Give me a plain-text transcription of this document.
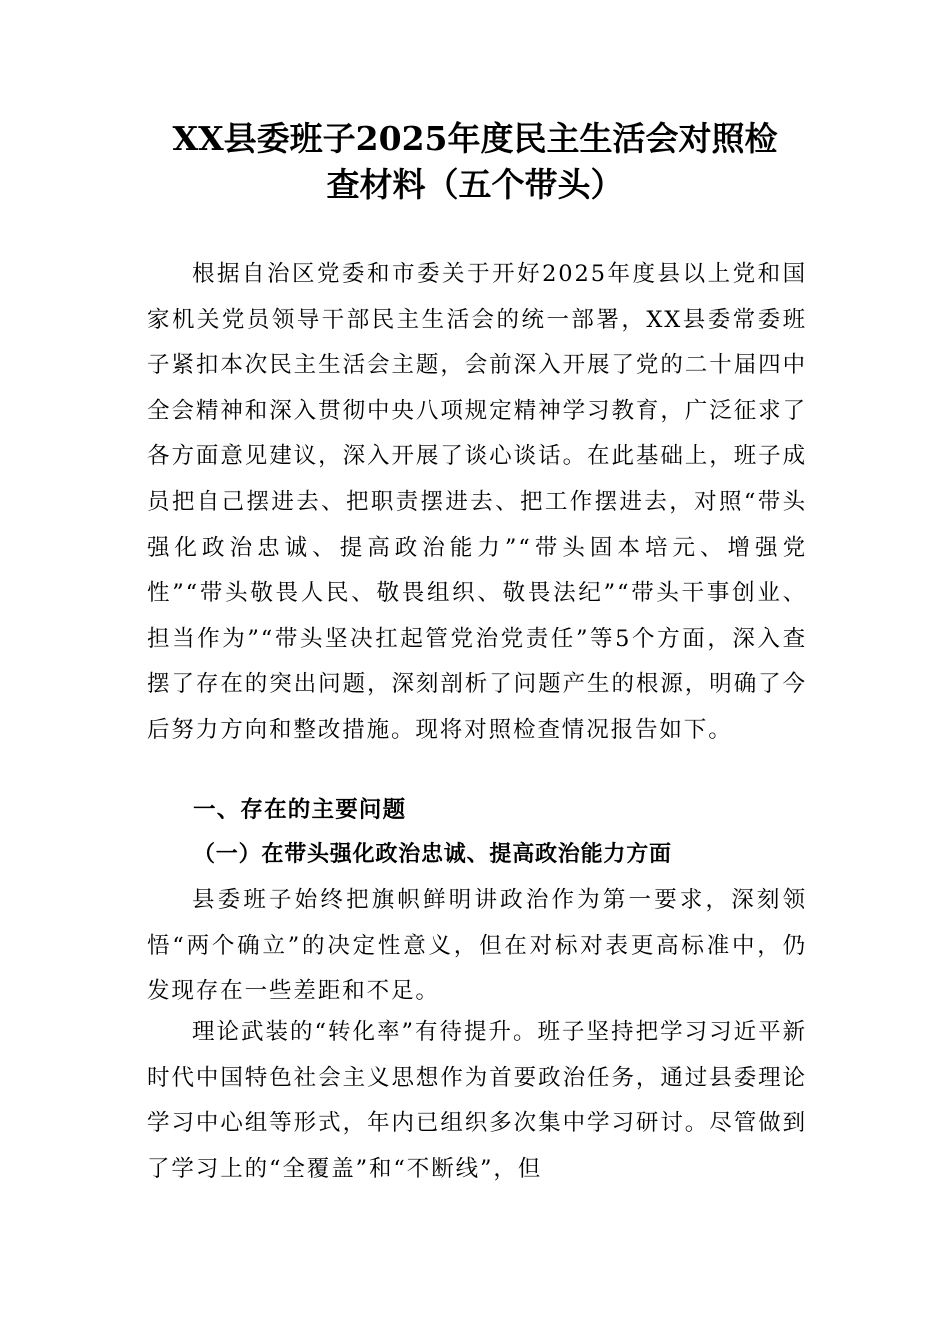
XX县委班子2025年度民主生活会对照检
查材料（五个带头）

根据自治区党委和市委关于开好2025年度县以上党和国家机关党员领导干部民主生活会的统一部署，XX县委常委班子紧扣本次民主生活会主题，会前深入开展了党的二十届四中全会精神和深入贯彻中央八项规定精神学习教育，广泛征求了各方面意见建议，深入开展了谈心谈话。在此基础上，班子成员把自己摆进去、把职责摆进去、把工作摆进去，对照“带头强化政治忠诚、提高政治能力”“带头固本培元、增强党性”“带头敬畏人民、敬畏组织、敬畏法纪”“带头干事创业、担当作为”“带头坚决扛起管党治党责任”等5个方面，深入查摆了存在的突出问题，深刻剖析了问题产生的根源，明确了今后努力方向和整改措施。现将对照检查情况报告如下。

一、存在的主要问题
（一）在带头强化政治忠诚、提高政治能力方面

县委班子始终把旗帜鲜明讲政治作为第一要求，深刻领悟“两个确立”的决定性意义，但在对标对表更高标准中，仍发现存在一些差距和不足。

理论武装的“转化率”有待提升。班子坚持把学习习近平新时代中国特色社会主义思想作为首要政治任务，通过县委理论学习中心组等形式，年内已组织多次集中学习研讨。尽管做到了学习上的“全覆盖”和“不断线”，但
